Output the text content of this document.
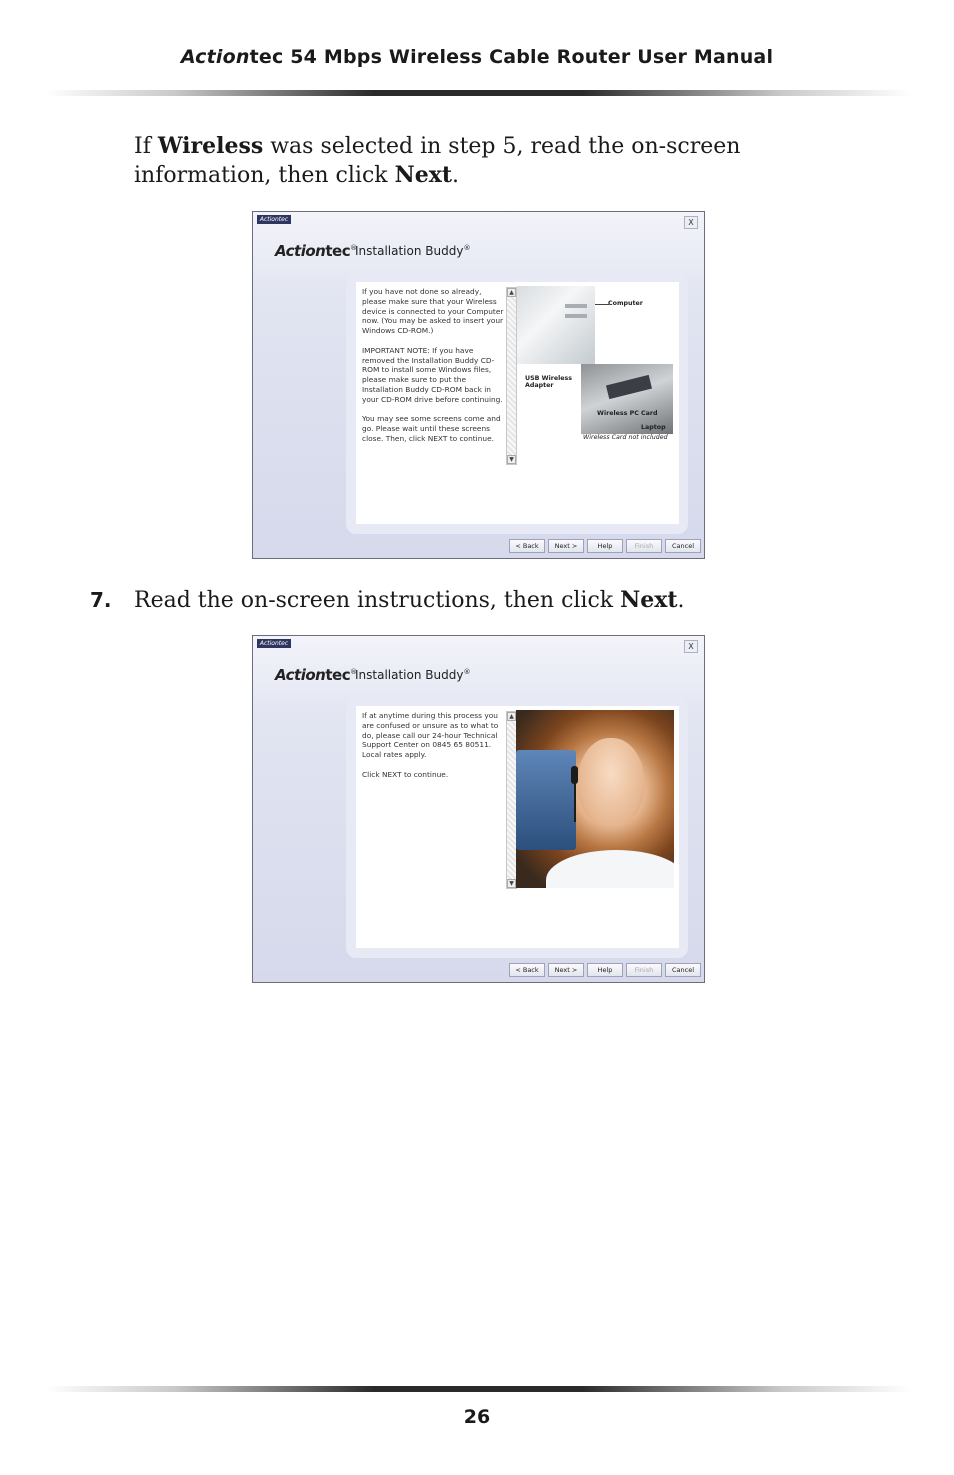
Actiontec 54 Mbps Wireless Cable Router User Manual
If Wireless was selected in step 5, read the on-screen information, then click Next.
Actiontec	X
Actiontec®
Installation Buddy®
If you have not done so already, please make sure that your Wireless device is connected to your Computer now. (You may be asked to insert your Windows CD-ROM.)

IMPORTANT NOTE: If you have removed the Installation Buddy CD-ROM to install some Windows files, please make sure to put the Installation Buddy CD-ROM back in your CD-ROM drive before continuing.

You may see some screens come and go. Please wait until these screens close. Then, click NEXT to continue.
▲
▼
Computer
USB Wireless Adapter
Wireless PC Card
Laptop
Wireless Card not included
< Back	Next >	Help	Finish	Cancel
7. Read the on-screen instructions, then click Next.
Actiontec	X
Actiontec®
Installation Buddy®
If at anytime during this process you are confused or unsure as to what to do, please call our 24-hour Technical Support Center on 0845 65 80511. Local rates apply.

Click NEXT to continue.
▲
▼
< Back	Next >	Help	Finish	Cancel
26
